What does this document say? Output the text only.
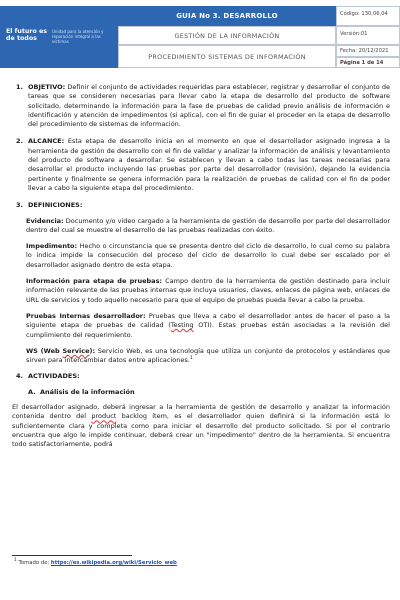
El futuro es de todos
Unidad para la atención y reparación integral a las víctimas
GUIA No 3. DESARROLLO
GESTIÓN DE LA INFORMACIÓN
PROCEDIMIENTO SISTEMAS DE INFORMACIÓN
Código: 130,06,04
Versión:01
Fecha: 20/12/2021
Página 1 de 14
1. OBJETIVO: Definir el conjunto de actividades requeridas para establecer, registrar y desarrollar el conjunto de tareas que se consideren necesarias para llevar cabo la etapa de desarrollo del producto de software solicitado, determinando la información para la fase de pruebas de calidad previo análisis de información e identificación y atención de impedimentos (si aplica), con el fin de guiar el proceder en la etapa de desarrollo del procedimiento de sistemas de información.
2. ALCANCE: Esta etapa de desarrollo inicia en el momento en que el desarrollador asignado ingresa a la herramienta de gestión de desarrollo con el fin de validar y analizar la información de análisis y levantamiento del producto de software a desarrollar. Se establecen y llevan a cabo todas las tareas necesarias para desarrollar el producto incluyendo las pruebas por parte del desarrollador (revisión), dejando la evidencia pertinente y finalmente se genera información para la realización de pruebas de calidad con el fin de poder llevar a cabo la siguiente etapa del procedimiento.
3. DEFINICIONES:
Evidencia: Documento y/o video cargado a la herramienta de gestión de desarrollo por parte del desarrollador dentro del cual se muestre el desarrollo de las pruebas realizadas con éxito.
Impedimento: Hecho o circunstancia que se presenta dentro del ciclo de desarrollo, lo cual como su palabra lo indica impide la consecución del proceso del ciclo de desarrollo lo cual debe ser escalado por el desarrollador asignado dentro de esta etapa.
Información para etapa de pruebas: Campo dentro de la herramienta de gestión destinado para incluir información relevante de las pruebas internas que incluya usuarios, claves, enlaces de página web, enlaces de URL de servicios y todo aquello necesario para que el equipo de pruebas pueda llevar a cabo la prueba.
Pruebas Internas desarrollador: Pruebas que lleva a cabo el desarrollador antes de hacer el paso a la siguiente etapa de pruebas de calidad (Testing OTI). Estas pruebas están asociadas a la revisión del cumplimiento del requerimiento.
WS (Web Service): Servicio Web, es una tecnología que utiliza un conjunto de protocolos y estándares que sirven para intercambiar datos entre aplicaciones.$^1$
4. ACTIVIDADES:
A. Análisis de la información

El desarrollador asignado, deberá ingresar a la herramienta de gestión de desarrollo y analizar la información contenida dentro del product backlog ítem, es el desarrollador quien definirá si la información está lo suficientemente clara y completa como para iniciar el desarrollo del producto solicitado. Si por el contrario encuentra que algo le impide continuar, deberá crear un "impedimento" dentro de la herramienta. Si encuentra todo satisfactoriamente, podrá

$^1$ Tomado de: https://es.wikipedia.org/wiki/Servicio_web
